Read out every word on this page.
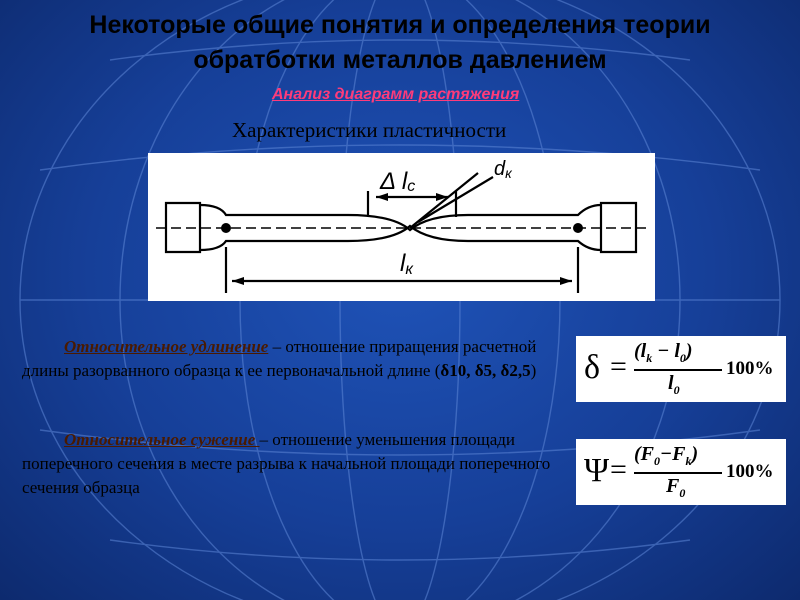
Некоторые общие понятия и определения теории
обратботки металлов давлением
Анализ диаграмм растяжения
Характеристики пластичности
Δ lc
dк
lк
Относительное удлинение – отношение приращения расчетной длины разорванного образца к ее первоначальной длине (δ10, δ5, δ2,5)
Относительное сужение – отношение уменьшения площади поперечного сечения в месте разрыва к начальной площади поперечного сечения образца
$\delta = (l_k - l_0)$
$l_0$
100%
$\Psi = (F_0-F_k)$
$F_0$
100%
